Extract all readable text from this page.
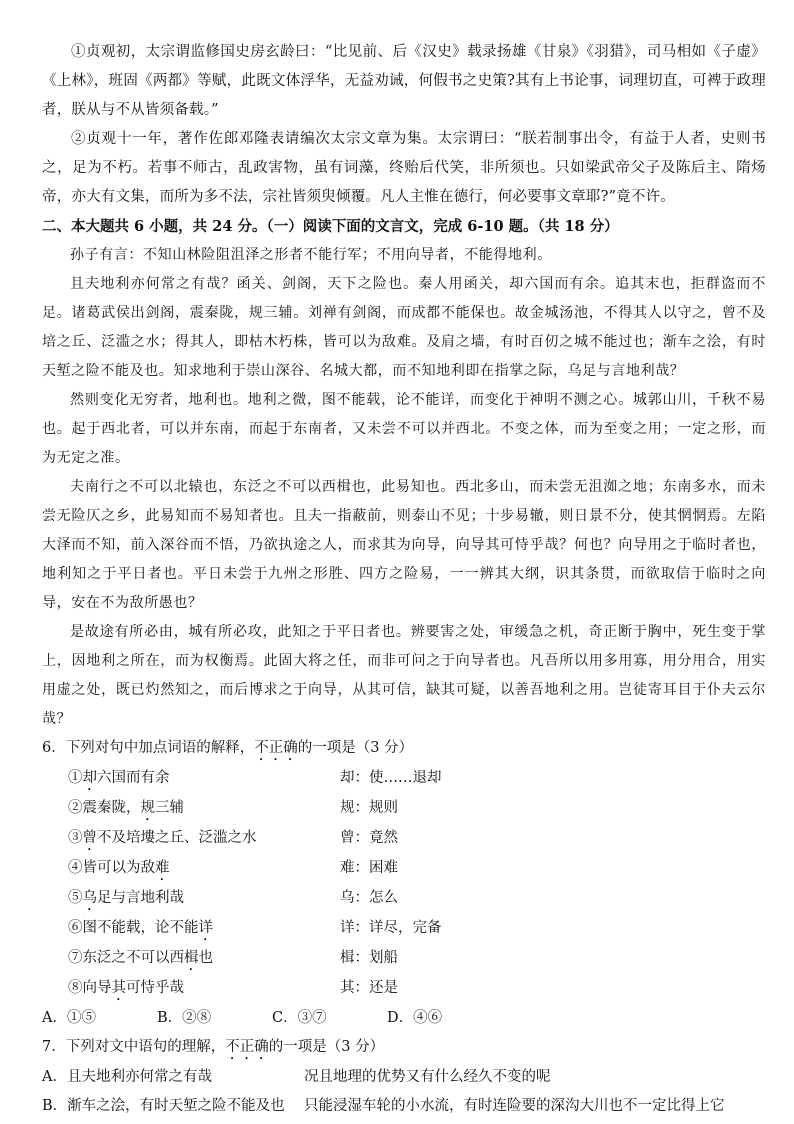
①贞观初，太宗谓监修国史房玄龄曰：“比见前、后《汉史》载录扬雄《甘泉》《羽猎》，司马相如《子虚》《上林》，班固《两都》等赋，此既文体浮华，无益劝诫，何假书之史策?其有上书论事，词理切直，可裨于政理者，朕从与不从皆须备载。”

②贞观十一年，著作佐郎邓隆表请编次太宗文章为集。太宗谓曰：“朕若制事出令，有益于人者，史则书之，足为不朽。若事不师古，乱政害物，虽有词藻，终贻后代笑，非所须也。只如梁武帝父子及陈后主、隋炀帝，亦大有文集，而所为多不法，宗社皆须臾倾覆。凡人主惟在德行，何必要事文章耶?”竟不许。

二、本大题共 6 小题，共 24 分。（一）阅读下面的文言文，完成 6-10 题。（共 18 分）

孙子有言：不知山林险阻沮泽之形者不能行军；不用向导者，不能得地利。

且夫地利亦何常之有哉？函关、剑阁，天下之险也。秦人用函关，却六国而有余。追其末也，拒群盗而不足。诸葛武侯出剑阁，震秦陇，规三辅。刘禅有剑阁，而成都不能保也。故金城汤池，不得其人以守之，曾不及培之丘、泛滥之水；得其人，即枯木朽株，皆可以为敌难。及肩之墙，有时百仞之城不能过也；渐车之浍，有时天堑之险不能及也。知求地利于崇山深谷、名城大都，而不知地利即在指掌之际，乌足与言地利哉？

然则变化无穷者，地利也。地利之微，图不能载，论不能详，而变化于神明不测之心。城郭山川，千秋不易也。起于西北者，可以并东南，而起于东南者，又未尝不可以并西北。不变之体，而为至变之用；一定之形，而为无定之准。

夫南行之不可以北辕也，东泛之不可以西楫也，此易知也。西北多山，而未尝无沮洳之地；东南多水，而未尝无险仄之乡，此易知而不易知者也。且夫一指蔽前，则泰山不见；十步易辙，则日景不分，使其惘惘焉。左陷大泽而不知，前入深谷而不悟，乃欲执途之人，而求其为向导，向导其可恃乎哉？何也？向导用之于临时者也，地利知之于平日者也。平日未尝于九州之形胜、四方之险易，一一辨其大纲，识其条贯，而欲取信于临时之向导，安在不为敌所愚也？

是故途有所必由，城有所必攻，此知之于平日者也。辨要害之处，审缓急之机，奇正断于胸中，死生变于掌上，因地利之所在，而为权衡焉。此固大将之任，而非可问之于向导者也。凡吾所以用多用寡，用分用合，用实用虚之处，既已灼然知之，而后博求之于向导，从其可信，缺其可疑，以善吾地利之用。岂徒寄耳目于仆夫云尔哉？

6．下列对句中加点词语的解释，不正确的一项是（3 分）

①却六国而有余	却：使……退却
②震秦陇，规三辅	规：规则
③曾不及培塿之丘、泛滥之水	曾：竟然
④皆可以为敌难	难：困难
⑤乌足与言地利哉	乌：怎么
⑥图不能载，论不能详	详：详尽，完备
⑦东泛之不可以西楫也	楫：划船
⑧向导其可恃乎哉	其：还是
A．①⑤	B．②⑧	C．③⑦	D．④⑥

7．下列对文中语句的理解，不正确的一项是（3 分）

A．且夫地利亦何常之有哉	况且地理的优势又有什么经久不变的呢
B．渐车之浍，有时天堑之险不能及也	只能浸湿车轮的小水流，有时连险要的深沟大川也不一定比得上它
